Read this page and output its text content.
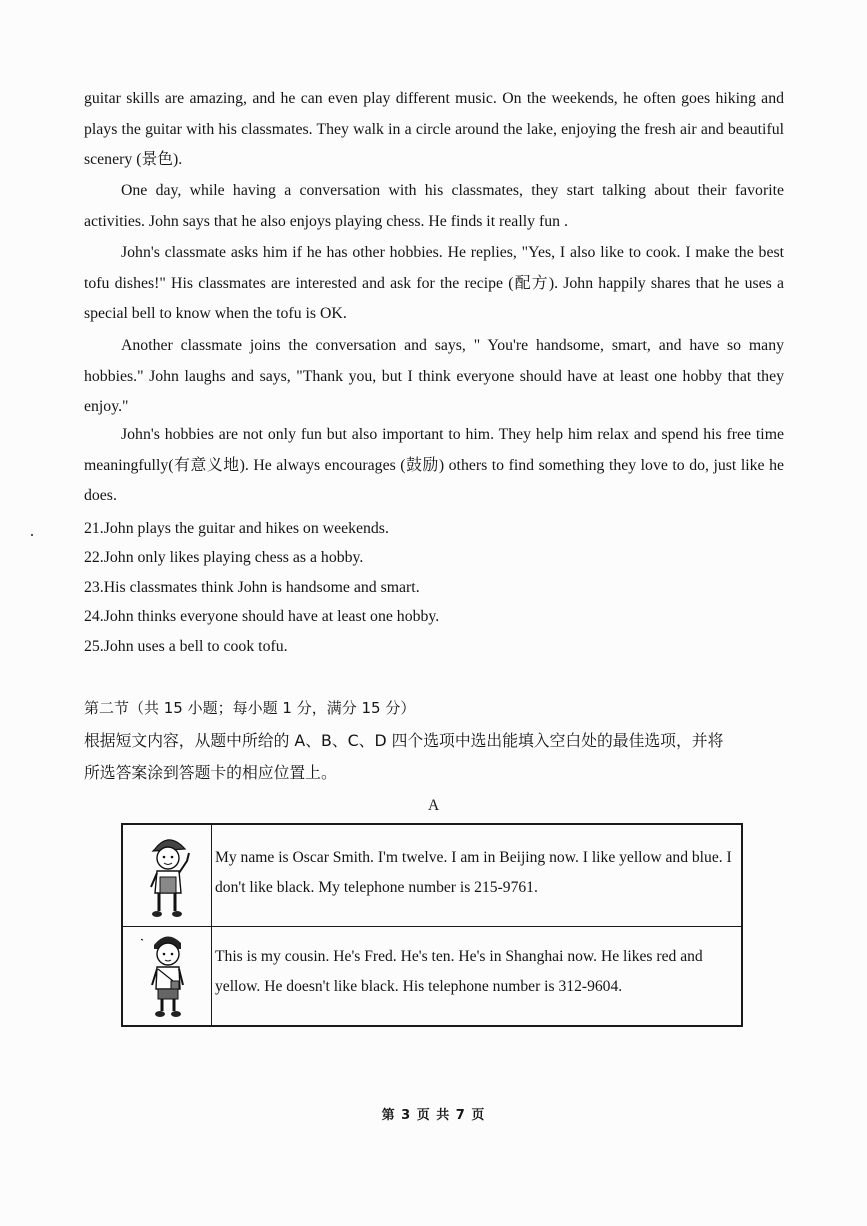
guitar skills are amazing, and he can even play different music. On the weekends, he often goes hiking and plays the guitar with his classmates. They walk in a circle around the lake, enjoying the fresh air and beautiful scenery (景色).

One day, while having a conversation with his classmates, they start talking about their favorite activities. John says that he also enjoys playing chess. He finds it really fun .

John's classmate asks him if he has other hobbies. He replies, "Yes, I also like to cook. I make the best tofu dishes!" His classmates are interested and ask for the recipe (配方). John happily shares that he uses a special bell to know when the tofu is OK.

Another classmate joins the conversation and says, " You're handsome, smart, and have so many hobbies." John laughs and says, "Thank you, but I think everyone should have at least one hobby that they enjoy."

John's hobbies are not only fun but also important to him. They help him relax and spend his free time meaningfully(有意义地). He always encourages (鼓励) others to find something they love to do, just like he does.

21.John plays the guitar and hikes on weekends.

22.John only likes playing chess as a hobby.

23.His classmates think John is handsome and smart.

24.John thinks everyone should have at least one hobby.

25.John uses a bell to cook tofu.

第二节（共 15 小题；每小题 1 分，满分 15 分）

根据短文内容，从题中所给的 A、B、C、D 四个选项中选出能填入空白处的最佳选项，并将

所选答案涂到答题卡的相应位置上。

A
My name is Oscar Smith. I'm twelve. I am in Beijing now. I like yellow and blue. I don't like black. My telephone number is 215-9761.
This is my cousin. He's Fred. He's ten. He's in Shanghai now. He likes red and yellow. He doesn't like black. His telephone number is 312-9604.
第 3 页 共 7 页
